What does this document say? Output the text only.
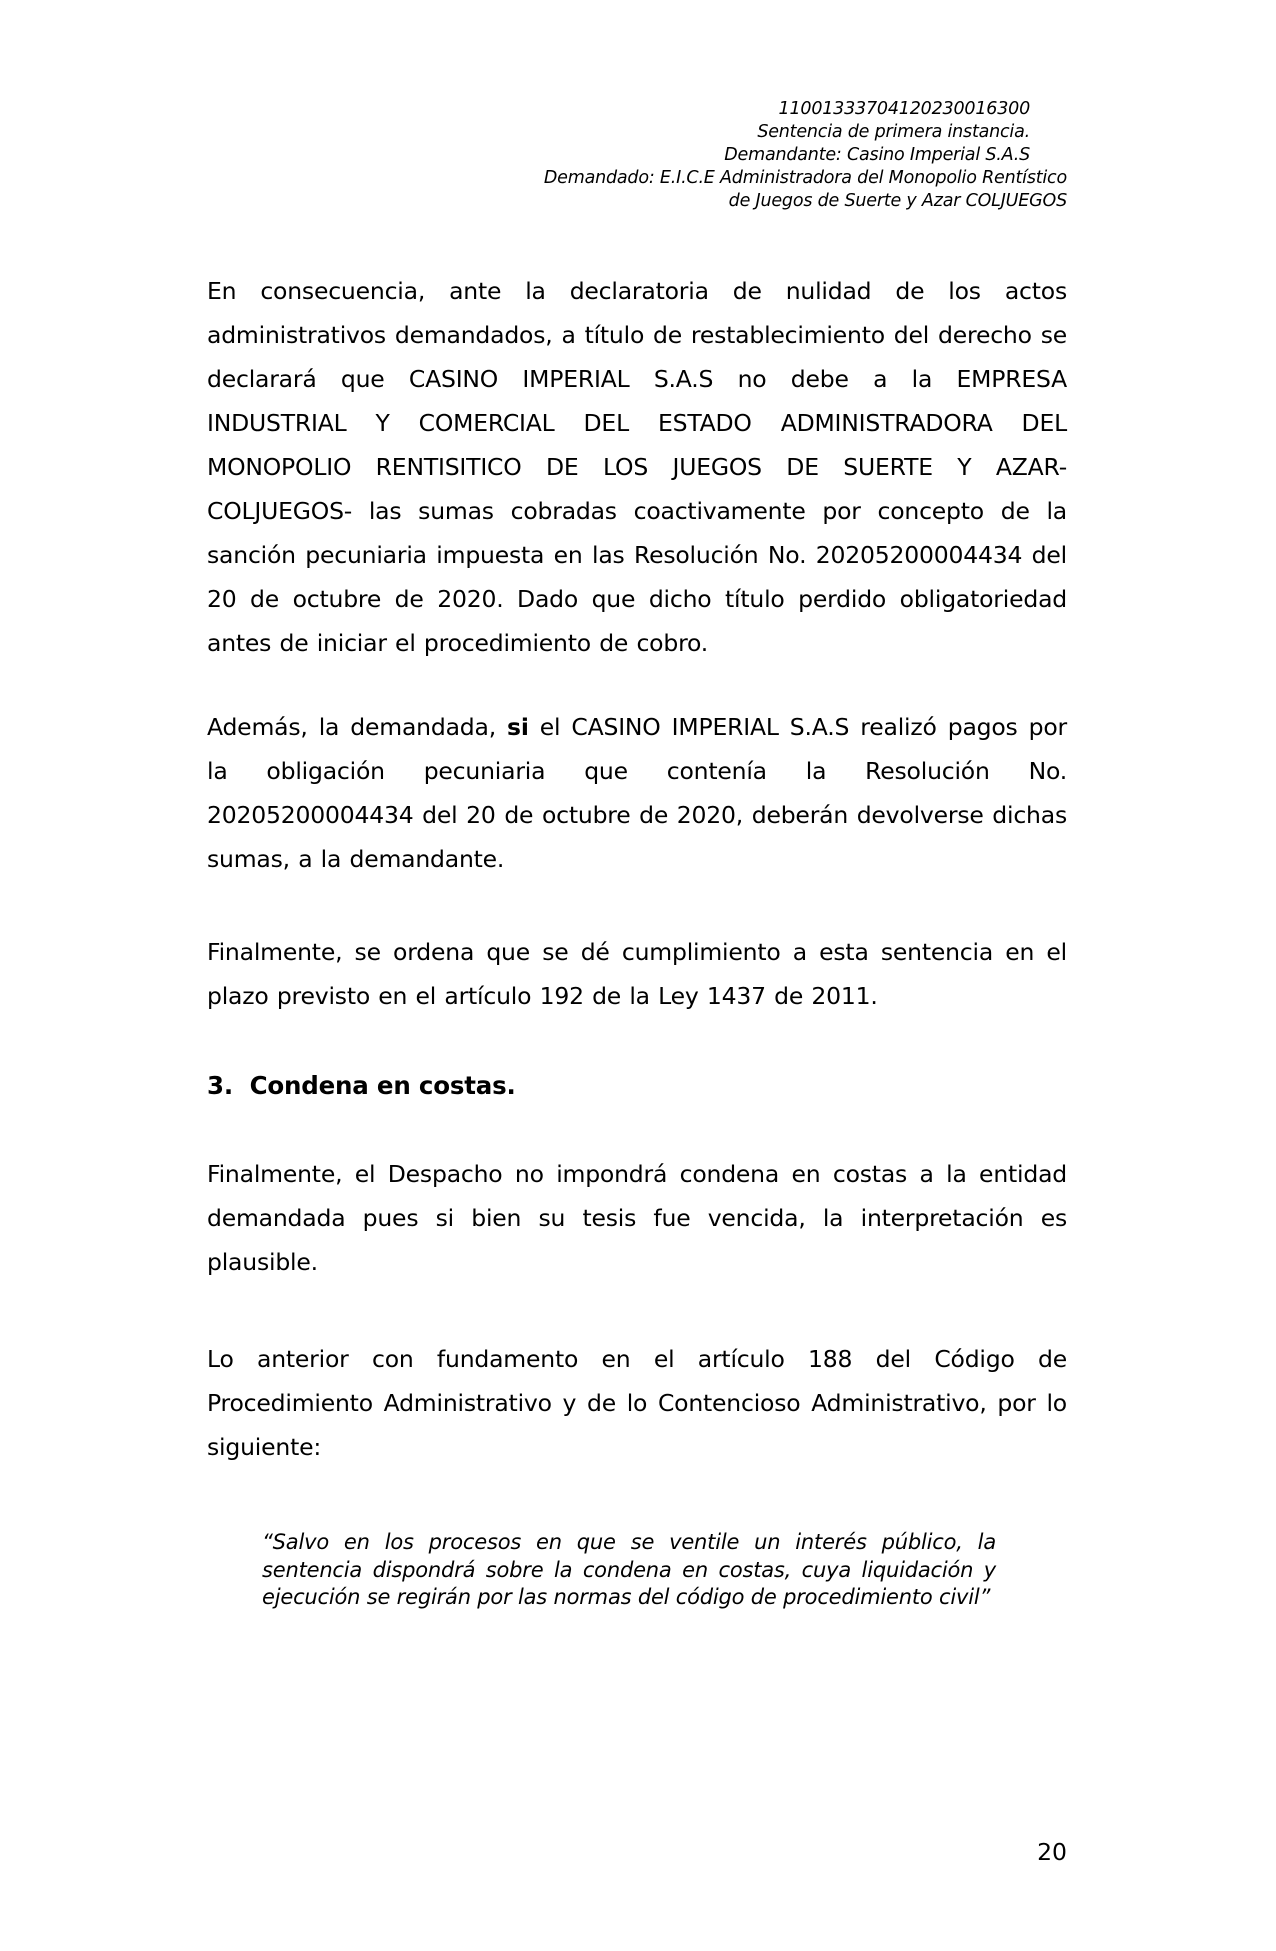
11001333704120230016300
Sentencia de primera instancia.
Demandante: Casino Imperial S.A.S
Demandado: E.I.C.E Administradora del Monopolio Rentístico
de Juegos de Suerte y Azar COLJUEGOS

En consecuencia, ante la declaratoria de nulidad de los actos administrativos demandados, a título de restablecimiento del derecho se declarará que CASINO IMPERIAL S.A.S no debe a la EMPRESA INDUSTRIAL Y COMERCIAL DEL ESTADO ADMINISTRADORA DEL MONOPOLIO RENTISITICO DE LOS JUEGOS DE SUERTE Y AZAR-COLJUEGOS- las sumas cobradas coactivamente por concepto de la sanción pecuniaria impuesta en las Resolución No. 20205200004434 del 20 de octubre de 2020. Dado que dicho título perdido obligatoriedad antes de iniciar el procedimiento de cobro.

Además, la demandada, si el CASINO IMPERIAL S.A.S realizó pagos por la obligación pecuniaria que contenía la Resolución No. 20205200004434 del 20 de octubre de 2020, deberán devolverse dichas sumas, a la demandante.

Finalmente, se ordena que se dé cumplimiento a esta sentencia en el plazo previsto en el artículo 192 de la Ley 1437 de 2011.

3.  Condena en costas.

Finalmente, el Despacho no impondrá condena en costas a la entidad demandada pues si bien su tesis fue vencida, la interpretación es plausible.

Lo anterior con fundamento en el artículo 188 del Código de Procedimiento Administrativo y de lo Contencioso Administrativo, por lo siguiente:

“Salvo en los procesos en que se ventile un interés público, la sentencia dispondrá sobre la condena en costas, cuya liquidación y ejecución se regirán por las normas del código de procedimiento civil”
20
